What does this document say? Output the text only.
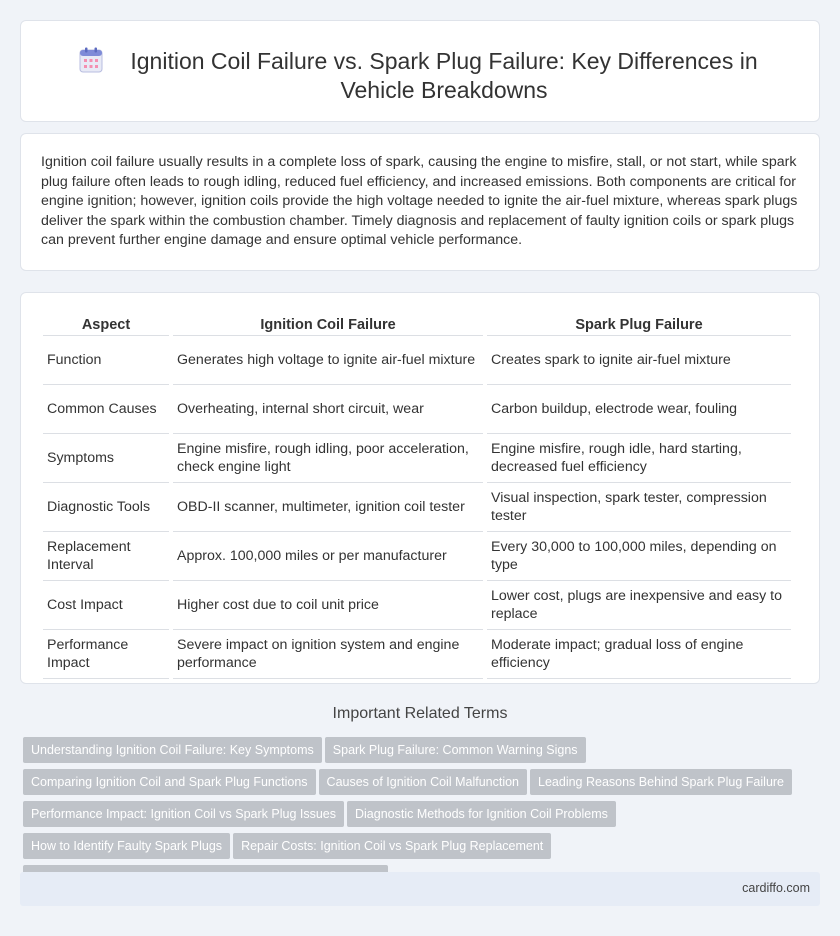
Ignition Coil Failure vs. Spark Plug Failure: Key Differences in Vehicle Breakdowns

Ignition coil failure usually results in a complete loss of spark, causing the engine to misfire, stall, or not start, while spark plug failure often leads to rough idling, reduced fuel efficiency, and increased emissions. Both components are critical for engine ignition; however, ignition coils provide the high voltage needed to ignite the air-fuel mixture, whereas spark plugs deliver the spark within the combustion chamber. Timely diagnosis and replacement of faulty ignition coils or spark plugs can prevent further engine damage and ensure optimal vehicle performance.

Aspect	Ignition Coil Failure	Spark Plug Failure
Function	Generates high voltage to ignite air-fuel mixture	Creates spark to ignite air-fuel mixture
Common Causes	Overheating, internal short circuit, wear	Carbon buildup, electrode wear, fouling
Symptoms	Engine misfire, rough idling, poor acceleration, check engine light	Engine misfire, rough idle, hard starting, decreased fuel efficiency
Diagnostic Tools	OBD-II scanner, multimeter, ignition coil tester	Visual inspection, spark tester, compression tester
Replacement Interval	Approx. 100,000 miles or per manufacturer	Every 30,000 to 100,000 miles, depending on type
Cost Impact	Higher cost due to coil unit price	Lower cost, plugs are inexpensive and easy to replace
Performance Impact	Severe impact on ignition system and engine performance	Moderate impact; gradual loss of engine efficiency
Important Related Terms
Understanding Ignition Coil Failure: Key Symptoms	Spark Plug Failure: Common Warning Signs
Comparing Ignition Coil and Spark Plug Functions	Causes of Ignition Coil Malfunction	Leading Reasons Behind Spark Plug Failure
Performance Impact: Ignition Coil vs Spark Plug Issues	Diagnostic Methods for Ignition Coil Problems
How to Identify Faulty Spark Plugs	Repair Costs: Ignition Coil vs Spark Plug Replacement
cardiffo.com
